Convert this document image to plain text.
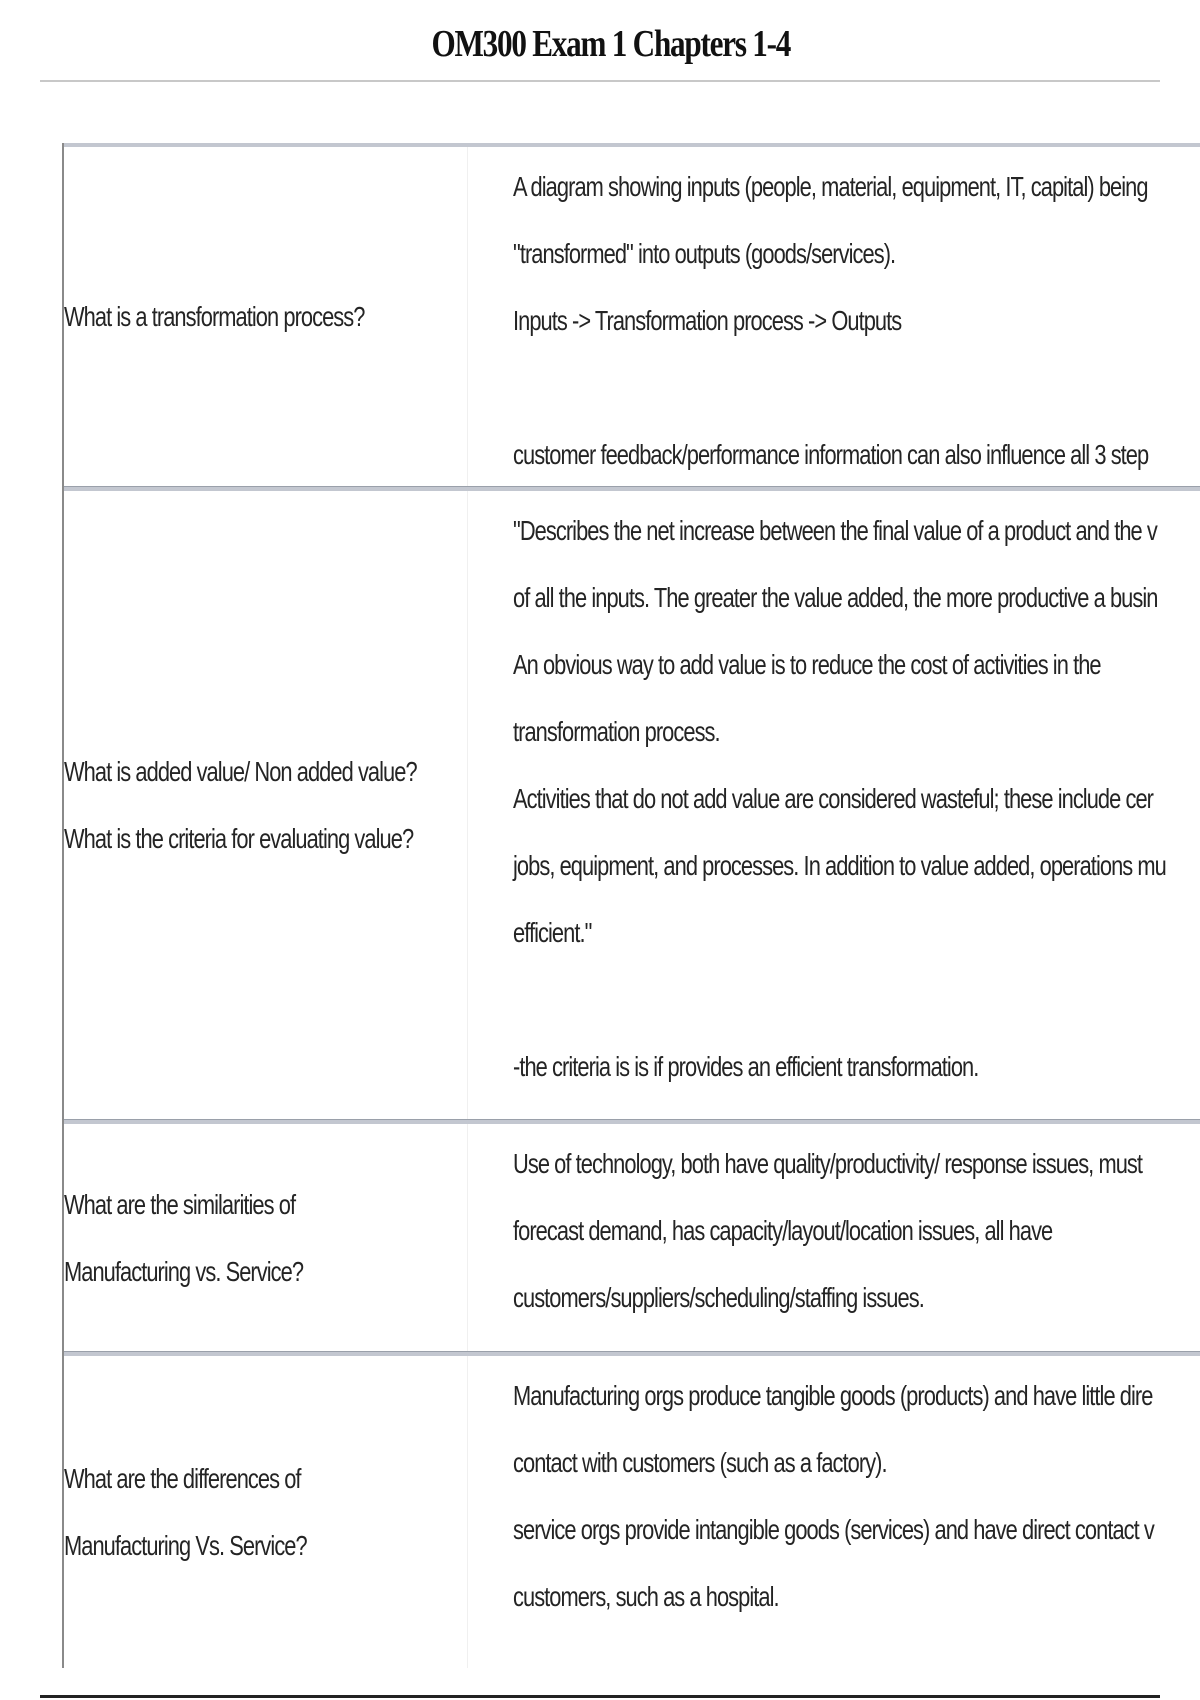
OM300 Exam 1 Chapters 1-4
What is a transformation process?
A diagram showing inputs (people, material, equipment, IT, capital) being
"transformed" into outputs (goods/services).
Inputs -> Transformation process -> Outputs

customer feedback/performance information can also influence all 3 step
What is added value/ Non added value?
What is the criteria for evaluating value?
"Describes the net increase between the final value of a product and the v
of all the inputs. The greater the value added, the more productive a busin
An obvious way to add value is to reduce the cost of activities in the
transformation process.
Activities that do not add value are considered wasteful; these include cer
jobs, equipment, and processes. In addition to value added, operations mu
efficient."

-the criteria is is if provides an efficient transformation.
What are the similarities of
Manufacturing vs. Service?
Use of technology, both have quality/productivity/ response issues, must
forecast demand, has capacity/layout/location issues, all have
customers/suppliers/scheduling/staffing issues.
What are the differences of
Manufacturing Vs. Service?
Manufacturing orgs produce tangible goods (products) and have little dire
contact with customers (such as a factory).
service orgs provide intangible goods (services) and have direct contact v
customers, such as a hospital.
